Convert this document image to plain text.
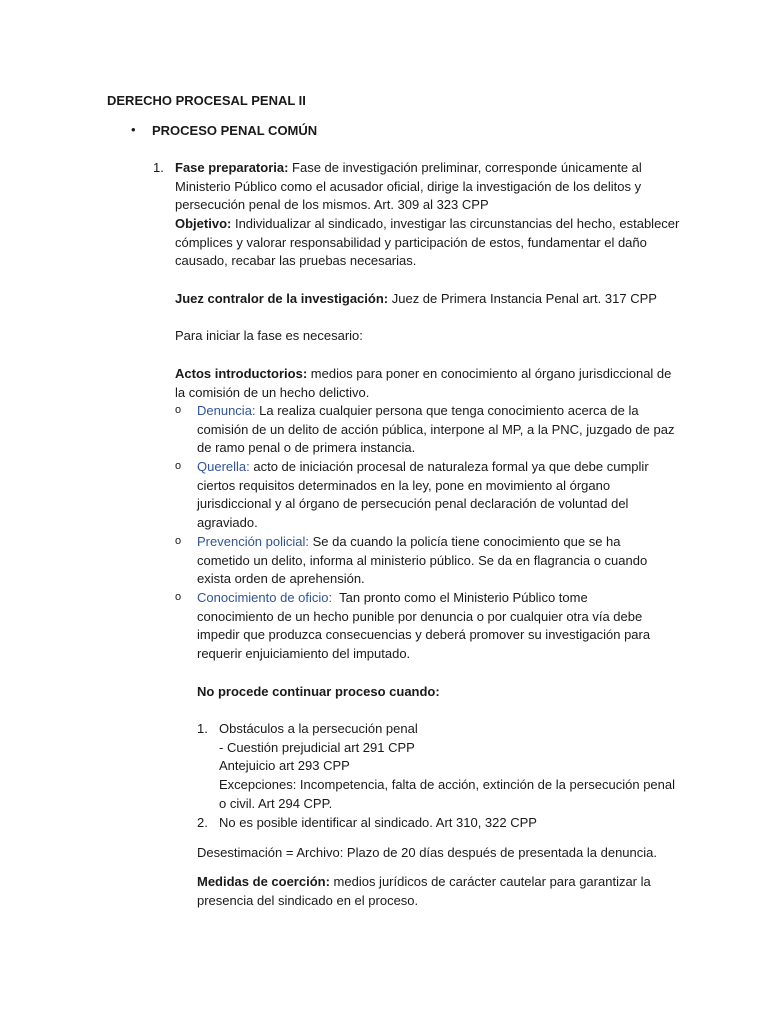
DERECHO PROCESAL PENAL II
• PROCESO PENAL COMÚN
1. Fase preparatoria: Fase de investigación preliminar, corresponde únicamente al
Ministerio Público como el acusador oficial, dirige la investigación de los delitos y
persecución penal de los mismos. Art. 309 al 323 CPP
Objetivo: Individualizar al sindicado, investigar las circunstancias del hecho, establecer
cómplices y valorar responsabilidad y participación de estos, fundamentar el daño
causado, recabar las pruebas necesarias.
Juez contralor de la investigación: Juez de Primera Instancia Penal art. 317 CPP
Para iniciar la fase es necesario:
Actos introductorios: medios para poner en conocimiento al órgano jurisdiccional de
la comisión de un hecho delictivo.
o Denuncia: La realiza cualquier persona que tenga conocimiento acerca de la
comisión de un delito de acción pública, interpone al MP, a la PNC, juzgado de paz
de ramo penal o de primera instancia.
o Querella: acto de iniciación procesal de naturaleza formal ya que debe cumplir
ciertos requisitos determinados en la ley, pone en movimiento al órgano
jurisdiccional y al órgano de persecución penal declaración de voluntad del
agraviado.
o Prevención policial: Se da cuando la policía tiene conocimiento que se ha
cometido un delito, informa al ministerio público. Se da en flagrancia o cuando
exista orden de aprehensión.
o Conocimiento de oficio:  Tan pronto como el Ministerio Público tome
conocimiento de un hecho punible por denuncia o por cualquier otra vía debe
impedir que produzca consecuencias y deberá promover su investigación para
requerir enjuiciamiento del imputado.
No procede continuar proceso cuando:
1. Obstáculos a la persecución penal
- Cuestión prejudicial art 291 CPP
Antejuicio art 293 CPP
Excepciones: Incompetencia, falta de acción, extinción de la persecución penal
o civil. Art 294 CPP.
2. No es posible identificar al sindicado. Art 310, 322 CPP
Desestimación = Archivo: Plazo de 20 días después de presentada la denuncia.
Medidas de coerción: medios jurídicos de carácter cautelar para garantizar la
presencia del sindicado en el proceso.
